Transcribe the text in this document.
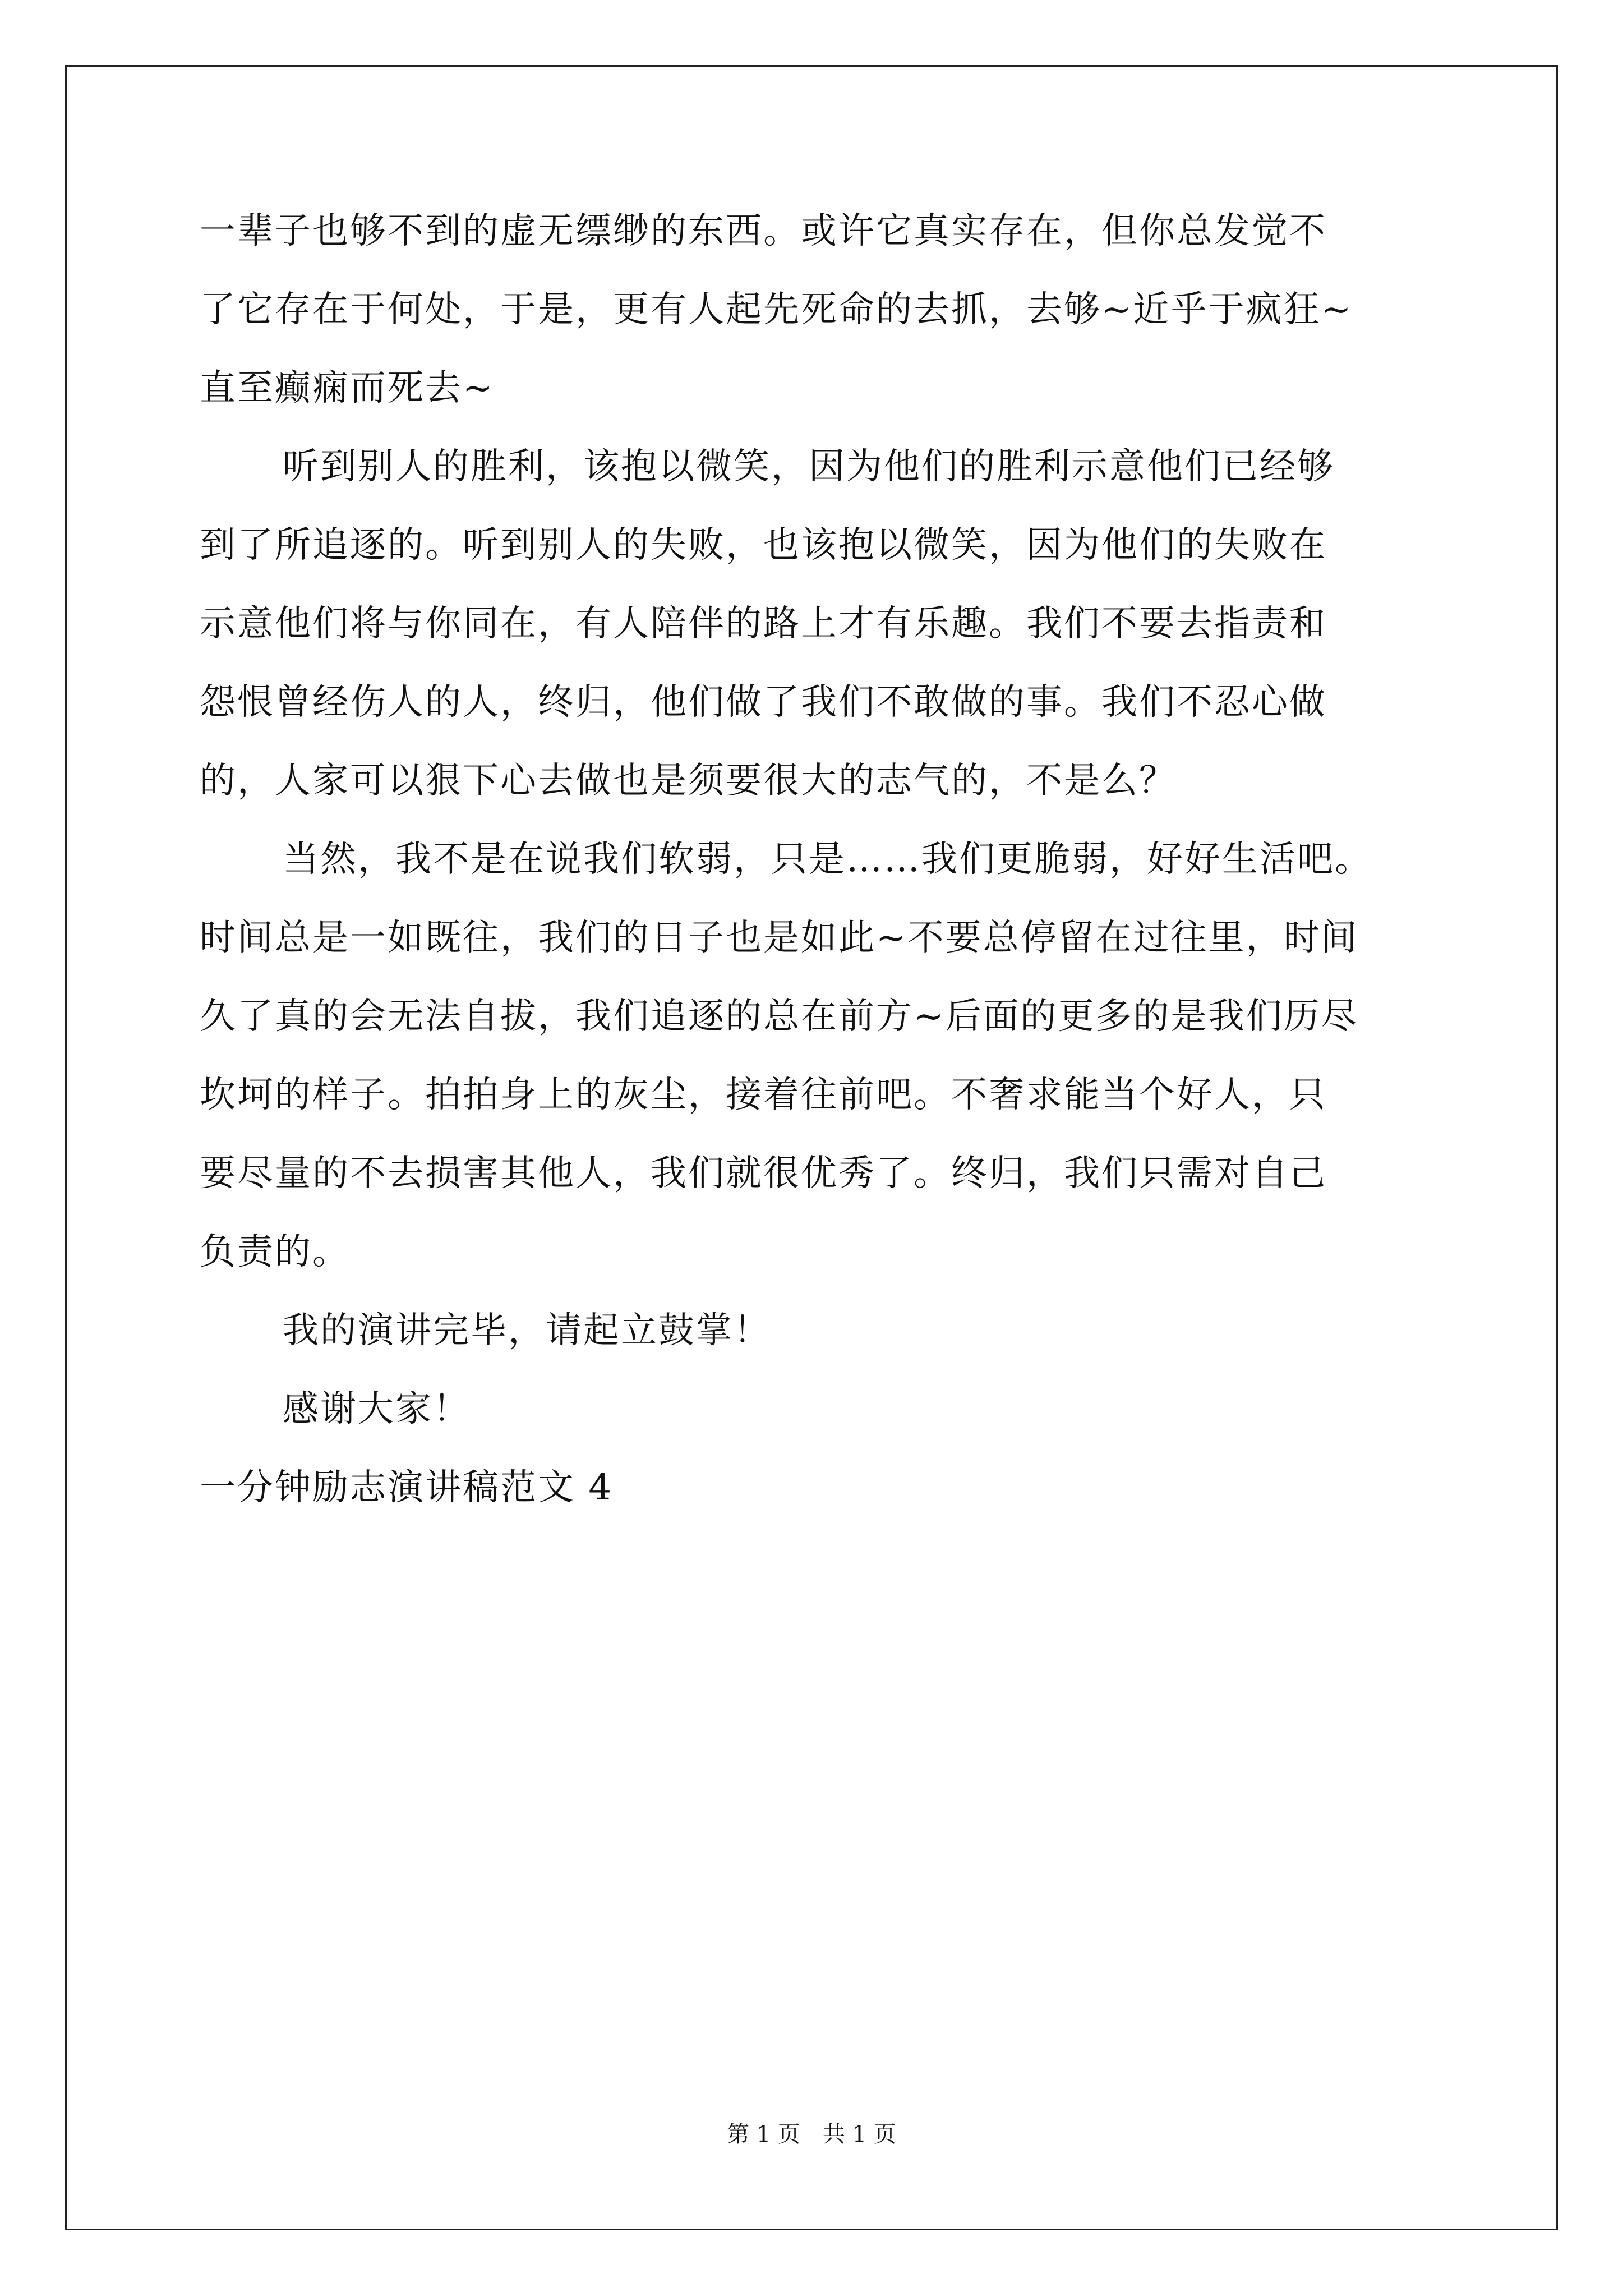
一辈子也够不到的虚无缥缈的东西。或许它真实存在，但你总发觉不
了它存在于何处，于是，更有人起先死命的去抓，去够~近乎于疯狂~
直至癫痫而死去~
听到别人的胜利，该抱以微笑，因为他们的胜利示意他们已经够
到了所追逐的。听到别人的失败，也该抱以微笑，因为他们的失败在
示意他们将与你同在，有人陪伴的路上才有乐趣。我们不要去指责和
怨恨曾经伤人的人，终归，他们做了我们不敢做的事。我们不忍心做
的，人家可以狠下心去做也是须要很大的志气的，不是么？
当然，我不是在说我们软弱，只是……我们更脆弱，好好生活吧。
时间总是一如既往，我们的日子也是如此~不要总停留在过往里，时间
久了真的会无法自拔，我们追逐的总在前方~后面的更多的是我们历尽
坎坷的样子。拍拍身上的灰尘，接着往前吧。不奢求能当个好人，只
要尽量的不去损害其他人，我们就很优秀了。终归，我们只需对自己
负责的。
我的演讲完毕，请起立鼓掌！
感谢大家！
一分钟励志演讲稿范文 4
第 1 页　共 1 页
